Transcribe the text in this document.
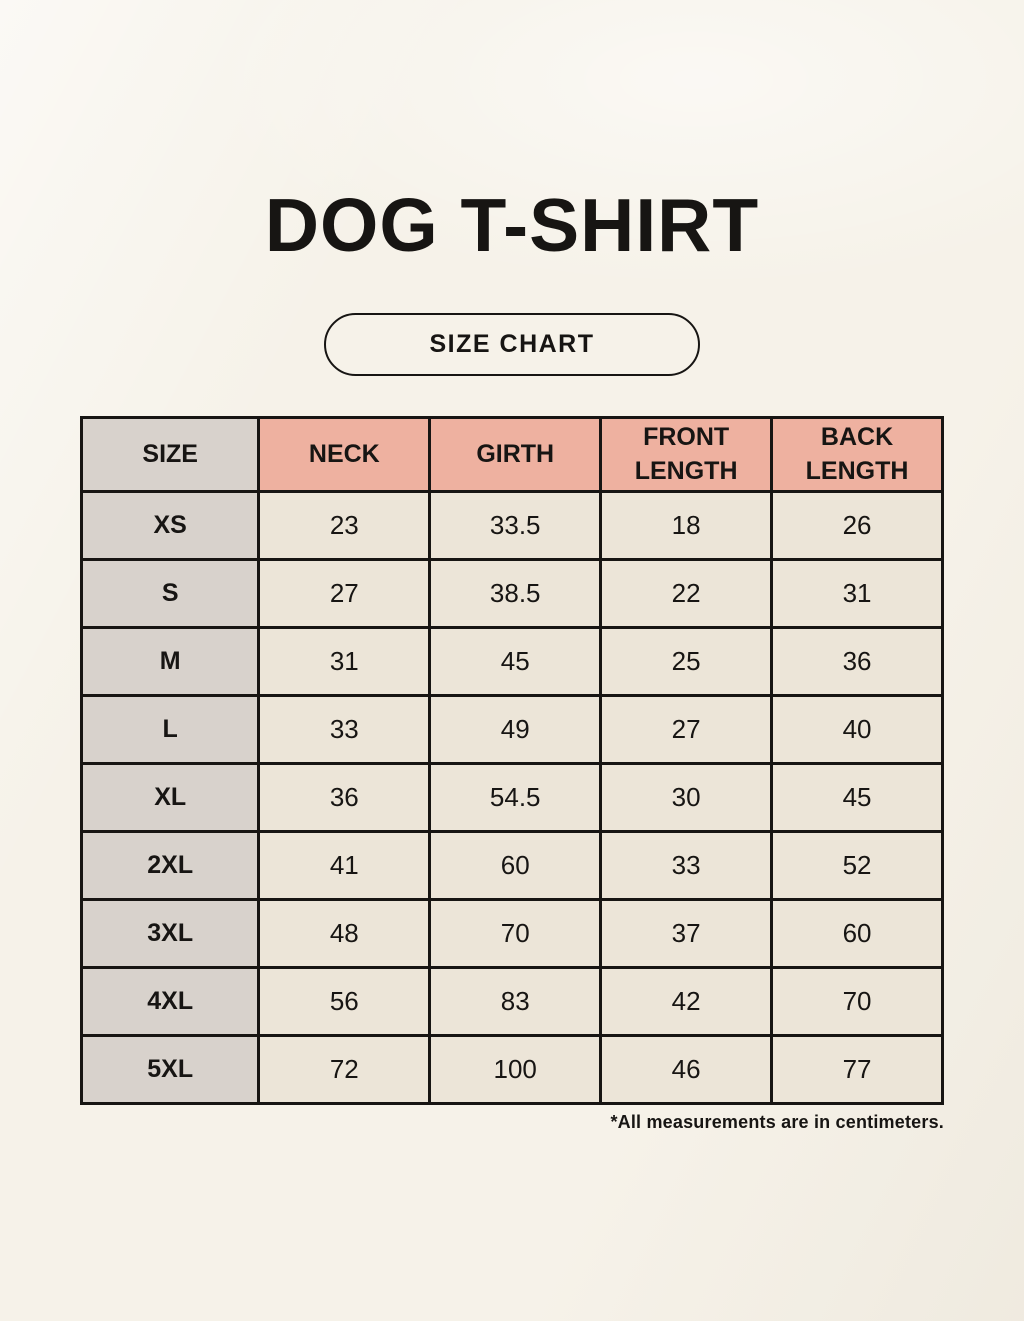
DOG T-SHIRT
SIZE CHART
SIZE	NECK	GIRTH	FRONT LENGTH	BACK LENGTH
XS	23	33.5	18	26
S	27	38.5	22	31
M	31	45	25	36
L	33	49	27	40
XL	36	54.5	30	45
2XL	41	60	33	52
3XL	48	70	37	60
4XL	56	83	42	70
5XL	72	100	46	77
*All measurements are in centimeters.
